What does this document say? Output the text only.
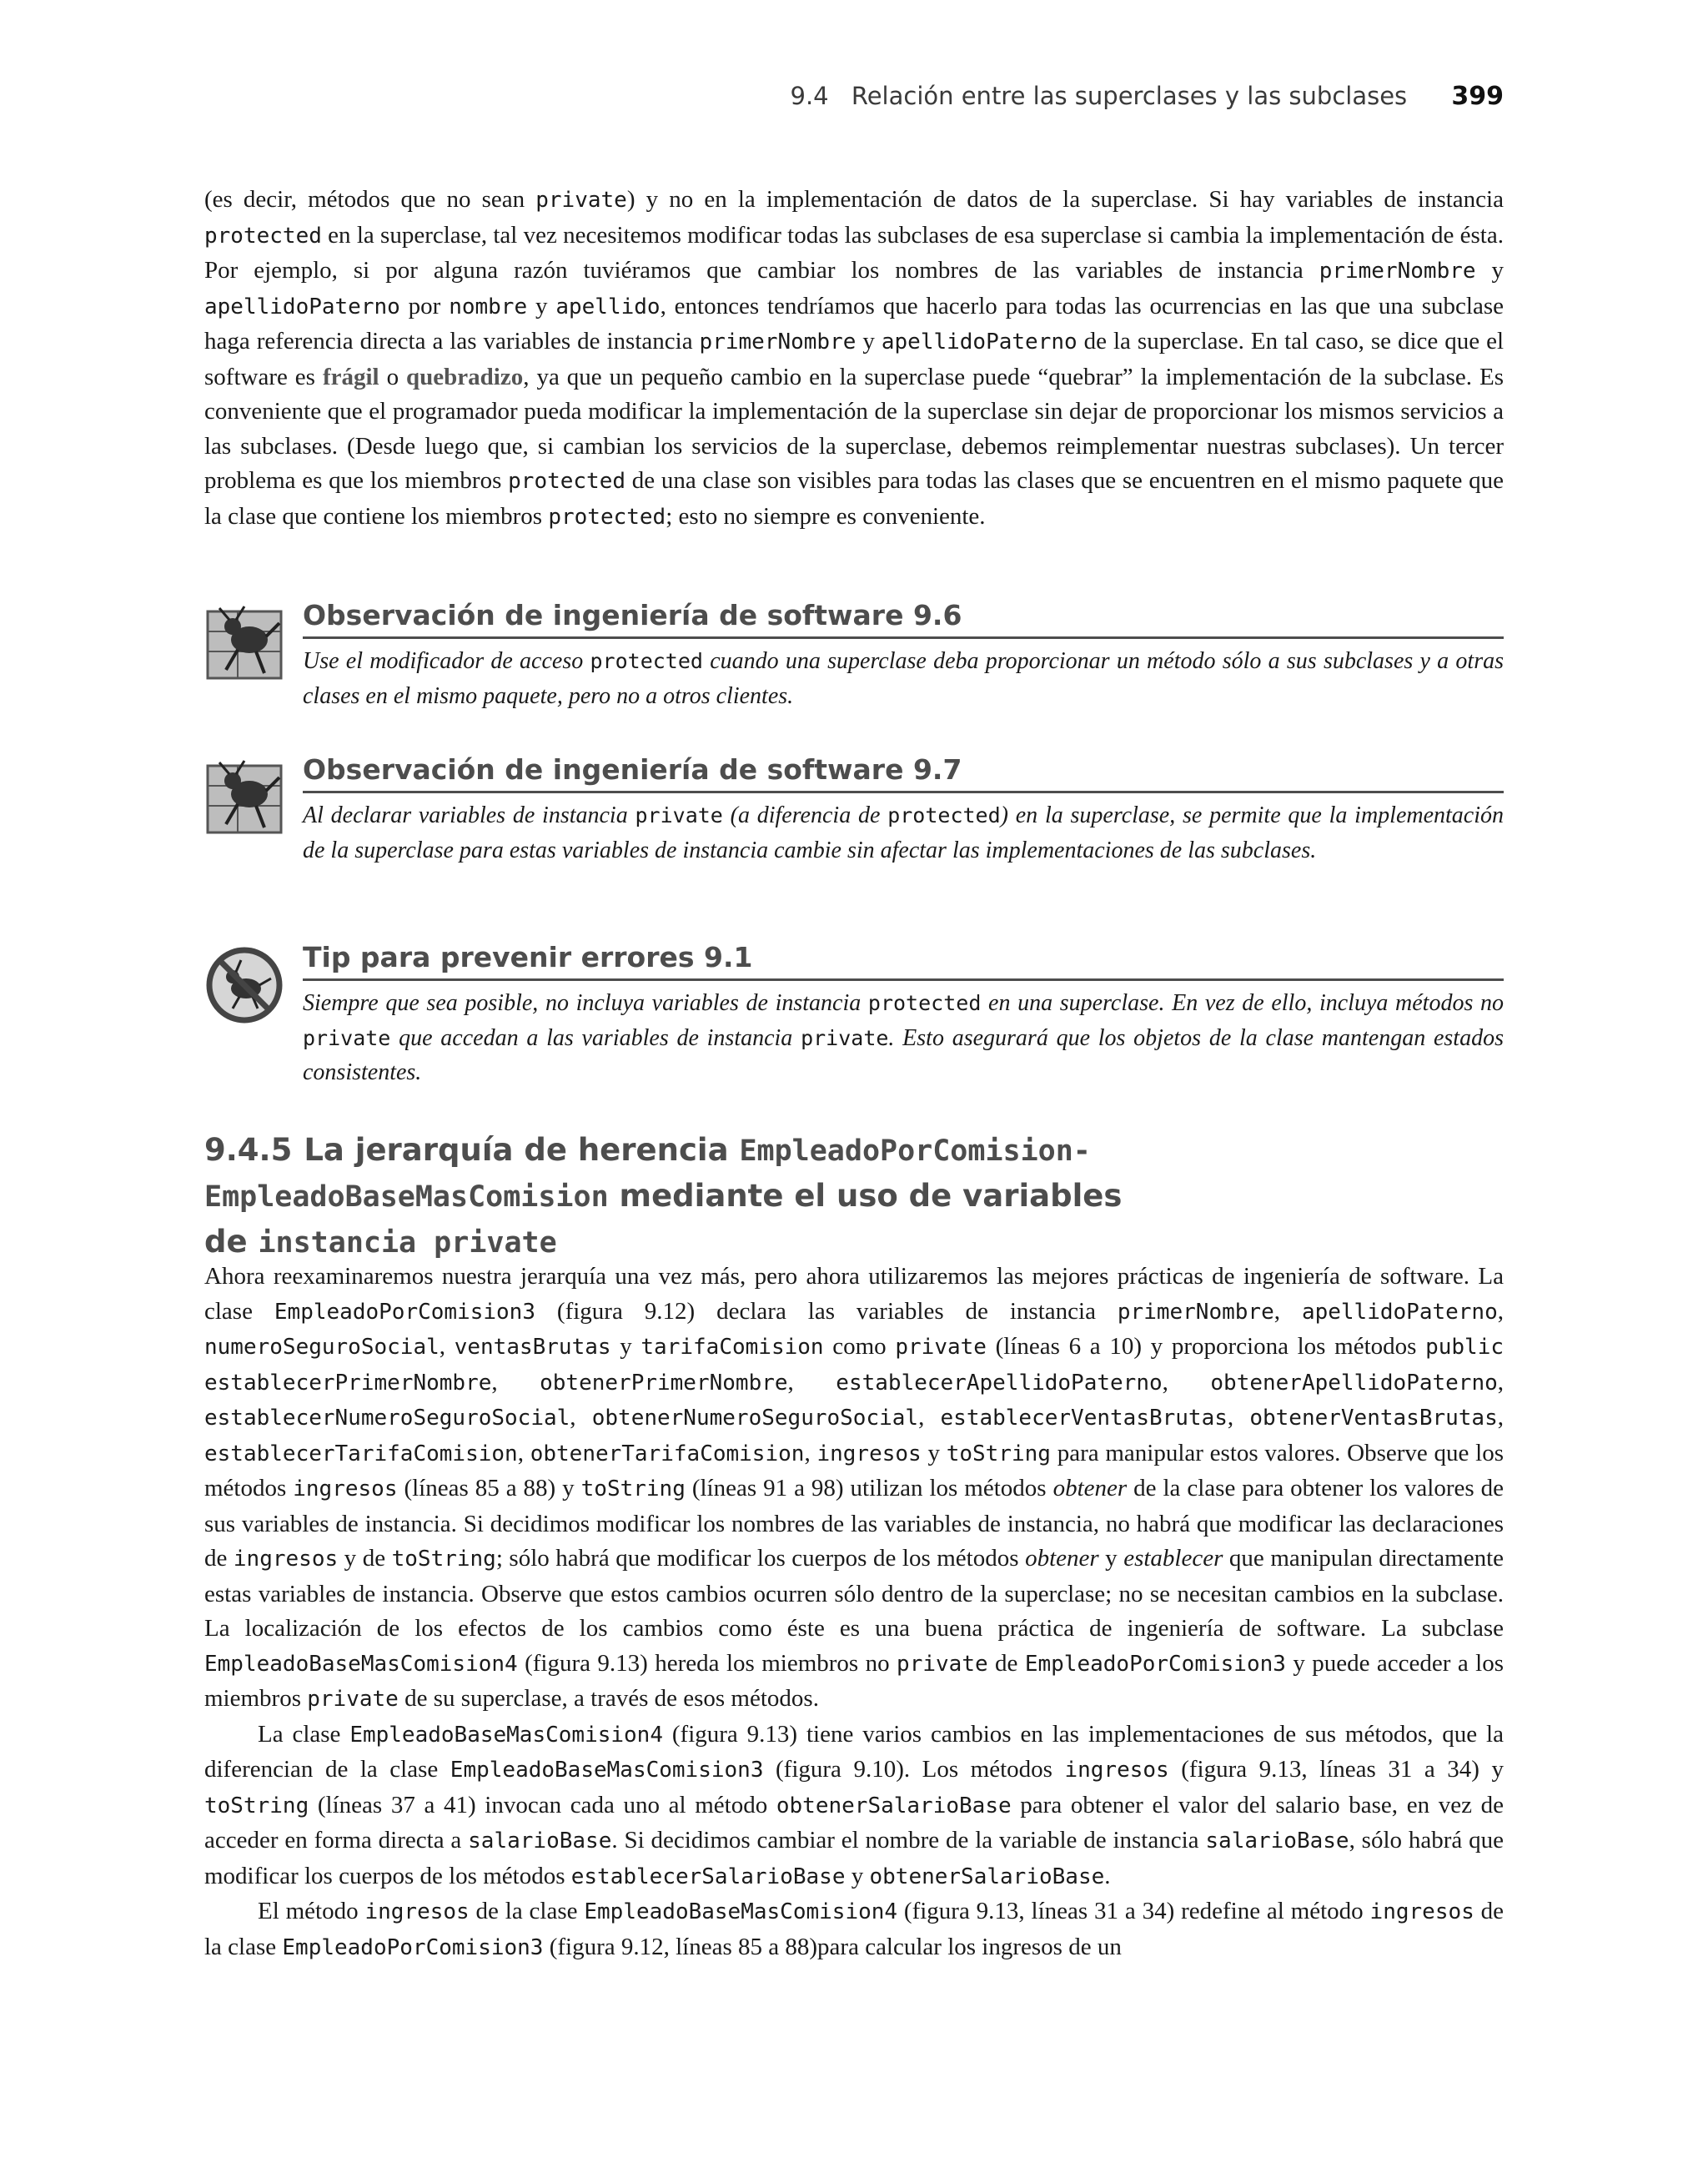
9.4 Relación entre las superclases y las subclases 399

(es decir, métodos que no sean private) y no en la implementación de datos de la superclase. Si hay variables de instancia protected en la superclase, tal vez necesitemos modificar todas las subclases de esa superclase si cambia la implementación de ésta. Por ejemplo, si por alguna razón tuviéramos que cambiar los nombres de las variables de instancia primerNombre y apellidoPaterno por nombre y apellido, entonces tendríamos que hacerlo para todas las ocurrencias en las que una subclase haga referencia directa a las variables de instancia primerNombre y apellidoPaterno de la superclase. En tal caso, se dice que el software es frágil o quebradizo, ya que un pequeño cambio en la superclase puede “quebrar” la implementación de la subclase. Es conveniente que el programador pueda modificar la implementación de la superclase sin dejar de proporcionar los mismos servicios a las subclases. (Desde luego que, si cambian los servicios de la superclase, debemos reimplementar nuestras subclases). Un tercer problema es que los miembros protected de una clase son visibles para todas las clases que se encuentren en el mismo paquete que la clase que contiene los miembros protected; esto no siempre es conveniente.

Observación de ingeniería de software 9.6
Use el modificador de acceso protected cuando una superclase deba proporcionar un método sólo a sus subclases y a otras clases en el mismo paquete, pero no a otros clientes.
Observación de ingeniería de software 9.7
Al declarar variables de instancia private (a diferencia de protected) en la superclase, se permite que la implementación de la superclase para estas variables de instancia cambie sin afectar las implementaciones de las subclases.
Tip para prevenir errores 9.1
Siempre que sea posible, no incluya variables de instancia protected en una superclase. En vez de ello, incluya métodos no private que accedan a las variables de instancia private. Esto asegurará que los objetos de la clase mantengan estados consistentes.
9.4.5 La jerarquía de herencia EmpleadoPorComision-
EmpleadoBaseMasComision mediante el uso de variables
de instancia private

Ahora reexaminaremos nuestra jerarquía una vez más, pero ahora utilizaremos las mejores prácticas de ingeniería de software. La clase EmpleadoPorComision3 (figura 9.12) declara las variables de instancia primerNombre, apellidoPaterno, numeroSeguroSocial, ventasBrutas y tarifaComision como private (líneas 6 a 10) y proporciona los métodos public establecerPrimerNombre, obtenerPrimerNombre, establecerApellidoPaterno, obtenerApellidoPaterno, establecerNumeroSeguroSocial, obtenerNumeroSeguroSocial, establecerVentasBrutas, obtenerVentasBrutas, establecerTarifaComision, obtenerTarifaComision, ingresos y toString para manipular estos valores. Observe que los métodos ingresos (líneas 85 a 88) y toString (líneas 91 a 98) utilizan los métodos obtener de la clase para obtener los valores de sus variables de instancia. Si decidimos modificar los nombres de las variables de instancia, no habrá que modificar las declaraciones de ingresos y de toString; sólo habrá que modificar los cuerpos de los métodos obtener y establecer que manipulan directamente estas variables de instancia. Observe que estos cambios ocurren sólo dentro de la superclase; no se necesitan cambios en la subclase. La localización de los efectos de los cambios como éste es una buena práctica de ingeniería de software. La subclase EmpleadoBaseMasComision4 (figura 9.13) hereda los miembros no private de EmpleadoPorComision3 y puede acceder a los miembros private de su superclase, a través de esos métodos.

La clase EmpleadoBaseMasComision4 (figura 9.13) tiene varios cambios en las implementaciones de sus métodos, que la diferencian de la clase EmpleadoBaseMasComision3 (figura 9.10). Los métodos ingresos (figura 9.13, líneas 31 a 34) y toString (líneas 37 a 41) invocan cada uno al método obtenerSalarioBase para obtener el valor del salario base, en vez de acceder en forma directa a salarioBase. Si decidimos cambiar el nombre de la variable de instancia salarioBase, sólo habrá que modificar los cuerpos de los métodos establecerSalarioBase y obtenerSalarioBase.

El método ingresos de la clase EmpleadoBaseMasComision4 (figura 9.13, líneas 31 a 34) redefine al método ingresos de la clase EmpleadoPorComision3 (figura 9.12, líneas 85 a 88)para calcular los ingresos de un
